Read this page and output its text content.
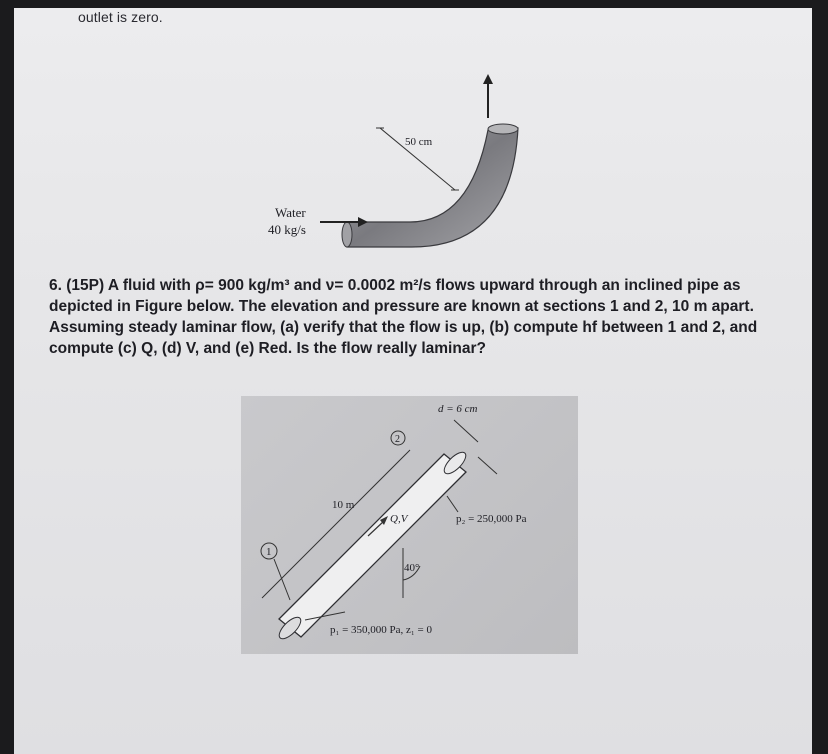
outlet is zero.
50 cm
Water
40 kg/s
6. (15P) A fluid with ρ= 900 kg/m³ and ν= 0.0002 m²/s flows upward through an inclined pipe as depicted in Figure below. The elevation and pressure are known at sections 1 and 2, 10 m apart. Assuming steady laminar flow, (a) verify that the flow is up, (b) compute hf between 1 and 2, and compute (c) Q, (d) V, and (e) Red. Is the flow really laminar?
2
1
d = 6 cm
10 m
Q,V
40°
p₂ = 250,000 Pa
p₁ = 350,000 Pa, z₁ = 0
